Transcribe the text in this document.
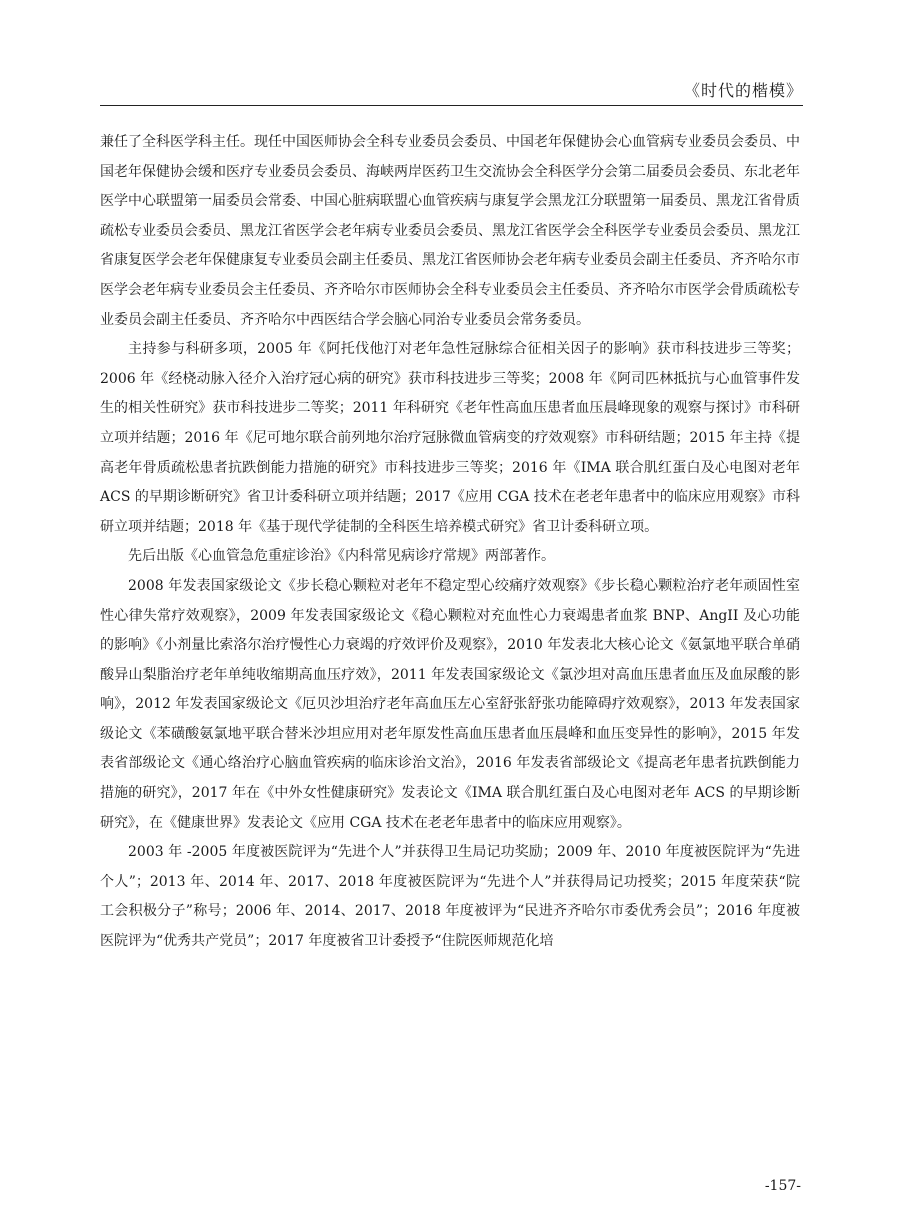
《时代的楷模》

兼任了全科医学科主任。现任中国医师协会全科专业委员会委员、中国老年保健协会心血管病专业委员会委员、中国老年保健协会缓和医疗专业委员会委员、海峡两岸医药卫生交流协会全科医学分会第二届委员会委员、东北老年医学中心联盟第一届委员会常委、中国心脏病联盟心血管疾病与康复学会黑龙江分联盟第一届委员、黑龙江省骨质疏松专业委员会委员、黑龙江省医学会老年病专业委员会委员、黑龙江省医学会全科医学专业委员会委员、黑龙江省康复医学会老年保健康复专业委员会副主任委员、黑龙江省医师协会老年病专业委员会副主任委员、齐齐哈尔市医学会老年病专业委员会主任委员、齐齐哈尔市医师协会全科专业委员会主任委员、齐齐哈尔市医学会骨质疏松专业委员会副主任委员、齐齐哈尔中西医结合学会脑心同治专业委员会常务委员。

主持参与科研多项，2005 年《阿托伐他汀对老年急性冠脉综合征相关因子的影响》获市科技进步三等奖；2006 年《经桡动脉入径介入治疗冠心病的研究》获市科技进步三等奖；2008 年《阿司匹林抵抗与心血管事件发生的相关性研究》获市科技进步二等奖；2011 年科研究《老年性高血压患者血压晨峰现象的观察与探讨》市科研立项并结题；2016 年《尼可地尔联合前列地尔治疗冠脉微血管病变的疗效观察》市科研结题；2015 年主持《提高老年骨质疏松患者抗跌倒能力措施的研究》市科技进步三等奖；2016 年《IMA 联合肌红蛋白及心电图对老年 ACS 的早期诊断研究》省卫计委科研立项并结题；2017《应用 CGA 技术在老老年患者中的临床应用观察》市科研立项并结题；2018 年《基于现代学徒制的全科医生培养模式研究》省卫计委科研立项。

先后出版《心血管急危重症诊治》《内科常见病诊疗常规》两部著作。

2008 年发表国家级论文《步长稳心颗粒对老年不稳定型心绞痛疗效观察》《步长稳心颗粒治疗老年顽固性室性心律失常疗效观察》，2009 年发表国家级论文《稳心颗粒对充血性心力衰竭患者血浆 BNP、AngII 及心功能的影响》《小剂量比索洛尔治疗慢性心力衰竭的疗效评价及观察》，2010 年发表北大核心论文《氨氯地平联合单硝酸异山梨脂治疗老年单纯收缩期高血压疗效》，2011 年发表国家级论文《氯沙坦对高血压患者血压及血尿酸的影响》，2012 年发表国家级论文《厄贝沙坦治疗老年高血压左心室舒张舒张功能障碍疗效观察》，2013 年发表国家级论文《苯磺酸氨氯地平联合替米沙坦应用对老年原发性高血压患者血压晨峰和血压变异性的影响》，2015 年发表省部级论文《通心络治疗心脑血管疾病的临床诊治文治》，2016 年发表省部级论文《提高老年患者抗跌倒能力措施的研究》，2017 年在《中外女性健康研究》发表论文《IMA 联合肌红蛋白及心电图对老年 ACS 的早期诊断研究》，在《健康世界》发表论文《应用 CGA 技术在老老年患者中的临床应用观察》。

2003 年 -2005 年度被医院评为“先进个人”并获得卫生局记功奖励；2009 年、2010 年度被医院评为“先进个人”；2013 年、2014 年、2017、2018 年度被医院评为“先进个人”并获得局记功授奖；2015 年度荣获“院工会积极分子”称号；2006 年、2014、2017、2018 年度被评为“民进齐齐哈尔市委优秀会员”；2016 年度被医院评为“优秀共产党员”；2017 年度被省卫计委授予“住院医师规范化培

-157-
